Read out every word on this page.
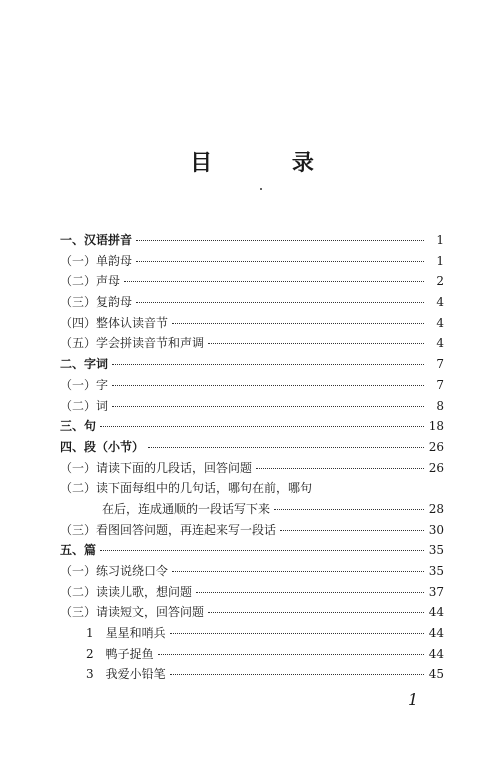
目 录
一、汉语拼音	1
（一）单韵母	1
（二）声母	2
（三）复韵母	4
（四）整体认读音节	4
（五）学会拼读音节和声调	4
二、字词	7
（一）字	7
（二）词	8
三、句	18
四、段（小节）	26
（一）请读下面的几段话，回答问题	26
（二）读下面每组中的几句话，哪句在前，哪句
在后，连成通顺的一段话写下来	28
（三）看图回答问题，再连起来写一段话	30
五、篇	35
（一）练习说绕口令	35
（二）读读儿歌，想问题	37
（三）请读短文，回答问题	44
1　星星和哨兵	44
2　鸭子捉鱼	44
3　我爱小铅笔	45
1
